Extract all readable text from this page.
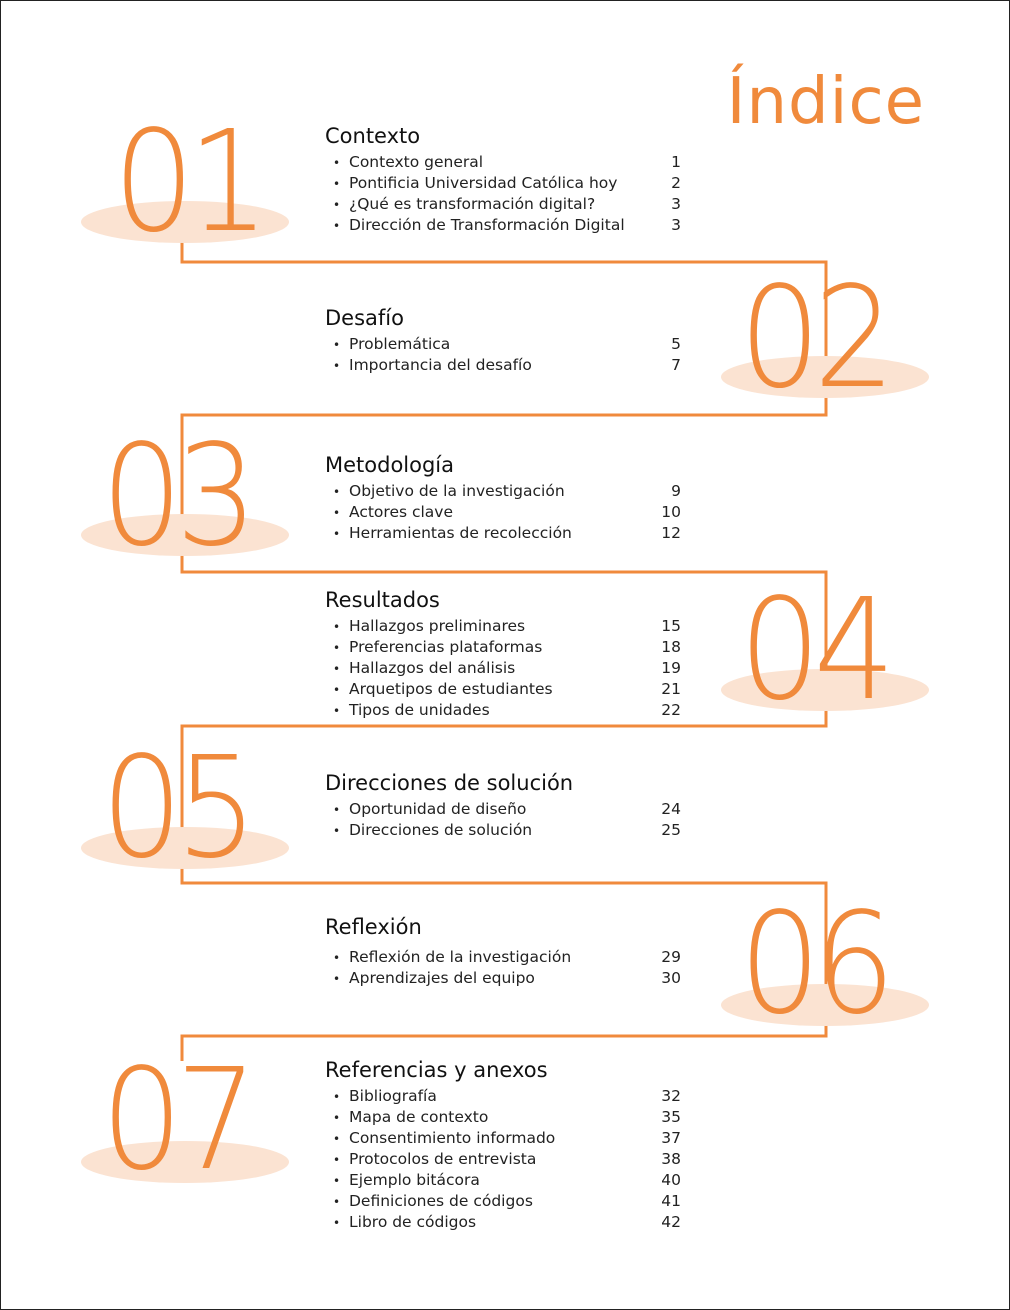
Índice
01	Contexto
• Contexto general	1
• Pontificia Universidad Católica hoy	2
• ¿Qué es transformación digital?	3
• Dirección de Transformación Digital	3
02
Desafío
• Problemática	5
• Importancia del desafío	7
03	Metodología
• Objetivo de la investigación	9
• Actores clave	10
• Herramientas de recolección	12
04
Resultados
• Hallazgos preliminares	15
• Preferencias plataformas	18
• Hallazgos del análisis	19
• Arquetipos de estudiantes	21
• Tipos de unidades	22
05	Direcciones de solución
• Oportunidad de diseño	24
• Direcciones de solución	25
06
Reflexión
• Reflexión de la investigación	29
• Aprendizajes del equipo	30
07	Referencias y anexos
• Bibliografía	32
• Mapa de contexto	35
• Consentimiento informado	37
• Protocolos de entrevista	38
• Ejemplo bitácora	40
• Definiciones de códigos	41
• Libro de códigos	42
